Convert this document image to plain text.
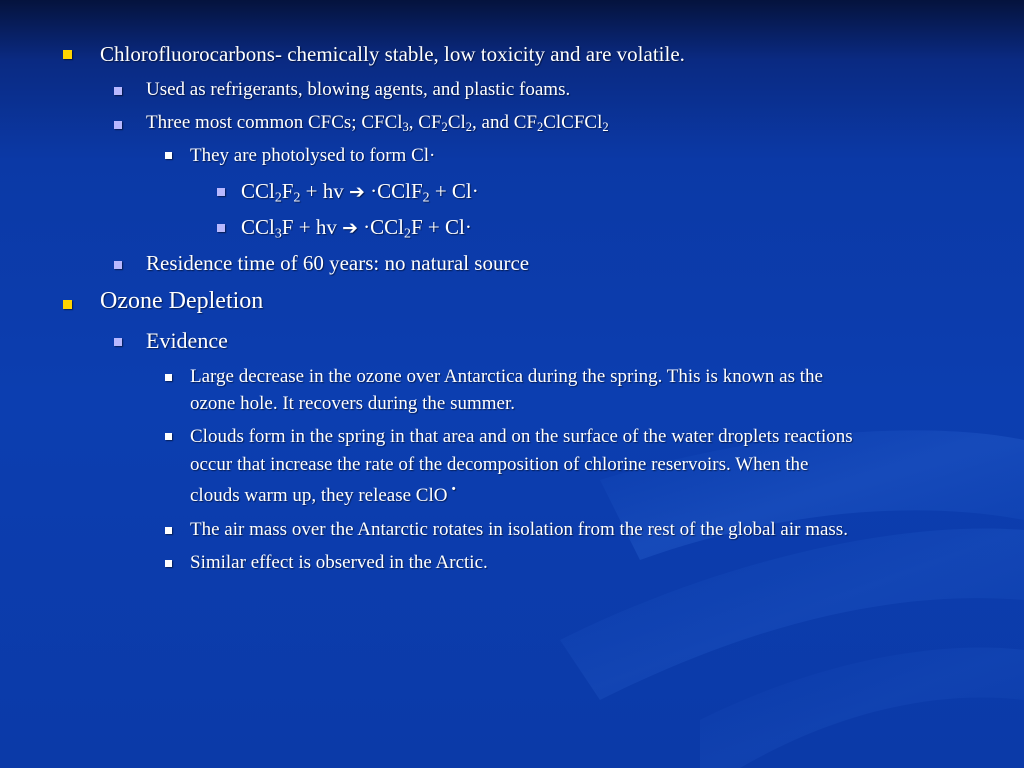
Chlorofluorocarbons- chemically stable, low toxicity and are volatile.
Used as refrigerants, blowing agents, and plastic foams.
Three most common CFCs; CFCl$_3$, $CF_2Cl_2$, and $CF_2ClCFCl_2$
They are photolysed to form Cl·
$CCl_2F_2$ + hv ➔ ·CClF$_2$ + Cl·
CCl$_3$F + hv ➔ ·CCl$_2$F + Cl·
Residence time of 60 years: no natural source
Ozone Depletion
Evidence
Large decrease in the ozone over Antarctica during the spring. This is known as the
ozone hole. It recovers during the summer.
Clouds form in the spring in that area and on the surface of the water droplets reactions
occur that increase the rate of the decomposition of chlorine reservoirs. When the
clouds warm up, they release ClO ·
The air mass over the Antarctic rotates in isolation from the rest of the global air mass.
Similar effect is observed in the Arctic.
